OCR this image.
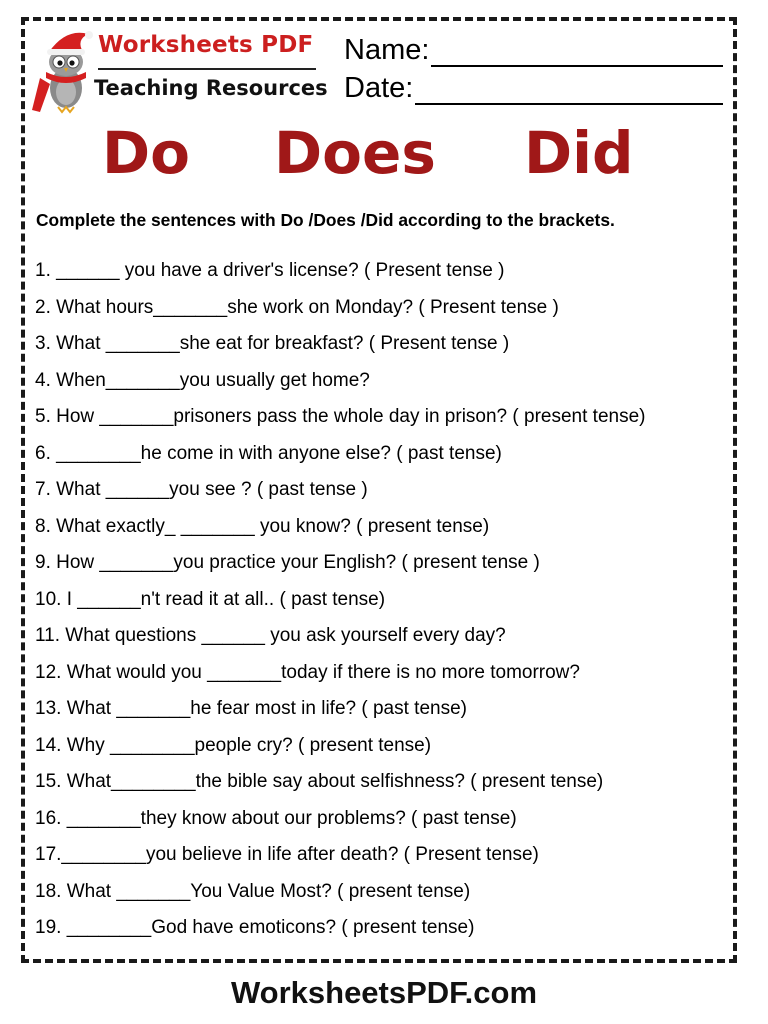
Worksheets PDF
Teaching Resources
Name:
Date:
Do Does Did
Complete the sentences with Do /Does /Did according to the brackets.
1. ______ you have a driver's license? ( Present tense )
2. What hours_______she work on Monday? ( Present tense )
3. What _______she eat for breakfast? ( Present tense )
4. When_______you usually get home?
5. How _______prisoners pass the whole day in prison? ( present tense)
6. ________he come in with anyone else? ( past tense)
7. What ______you see ? ( past tense )
8. What exactly_ _______ you know? ( present tense)
9. How _______you practice your English? ( present tense )
10. I ______n't read it at all.. ( past tense)
11. What questions ______ you ask yourself every day?
12. What would you _______today if there is no more tomorrow?
13. What _______he fear most in life? ( past tense)
14. Why ________people cry? ( present tense)
15. What________the bible say about selfishness? ( present tense)
16. _______they know about our problems? ( past tense)
17.________you believe in life after death? ( Present tense)
18. What _______You Value Most? ( present tense)
19. ________God have emoticons? ( present tense)
WorksheetsPDF.com
